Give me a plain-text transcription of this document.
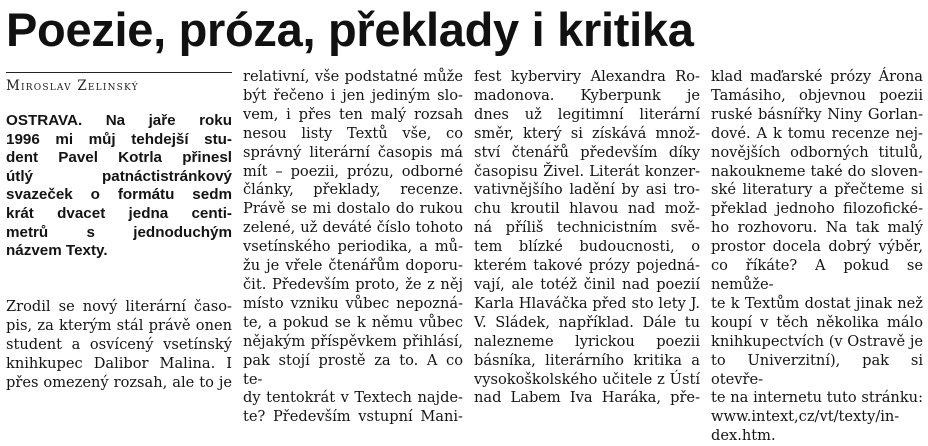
Poezie, próza, překlady i kritika
Miroslav Zelinský

OSTRAVA. Na jaře roku
1996 mi můj tehdejší stu-
dent Pavel Kotrla přinesl
útlý patnáctistránkový
svazeček o formátu sedm
krát dvacet jedna centi-
metrů s jednoduchým
názvem Texty.

Zrodil se nový literární časo-
pis, za kterým stál právě onen
student a osvícený vsetínský
knihkupec Dalibor Malina. I
přes omezený rozsah, ale to je

relativní, vše podstatné může
být řečeno i jen jediným slo-
vem, i přes ten malý rozsah
nesou listy Textů vše, co
správný literární časopis má
mít – poezii, prózu, odborné
články, překlady, recenze.
Právě se mi dostalo do rukou
zelené, už deváté číslo tohoto
vsetínského periodika, a mů-
žu je vřele čtenářům doporu-
čit. Především proto, že z něj
místo vzniku vůbec nepozná-
te, a pokud se k němu vůbec
nějakým příspěvkem přihlásí,
pak stojí prostě za to. A co te-
dy tentokrát v Textech najde-
te? Především vstupní Mani-
fest kyberviry Alexandra Ro-
madonova. Kyberpunk je
dnes už legitimní literární
směr, který si získává množ-
ství čtenářů především díky
časopisu Živel. Literát konzer-
vativnějšího ladění by asi tro-
chu kroutil hlavou nad mož-
ná příliš technicistním svě-
tem blízké budoucnosti, o
kterém takové prózy pojedná-
vají, ale totéž činil nad poezií
Karla Hlaváčka před sto lety J.
V. Sládek, například. Dále tu
nalezneme lyrickou poezii
básníka, literárního kritika a
vysokoškolského učitele z Ústí
nad Labem Iva Haráka, pře-
klad maďarské prózy Árona
Tamásiho, objevnou poezii
ruské básnířky Niny Gorlan-
dové. A k tomu recenze nej-
novějších odborných titulů,
nakoukneme také do sloven-
ské literatury a přečteme si
překlad jednoho filozofické-
ho rozhovoru. Na tak malý
prostor docela dobrý výběr,
co říkáte? A pokud se nemůže-
te k Textům dostat jinak než
koupí v těch několika málo
knihkupectvích (v Ostravě je
to Univerzitní), pak si otevře-
te na internetu tuto stránku:
www.intext,cz/vt/texty/in-
dex.htm.
